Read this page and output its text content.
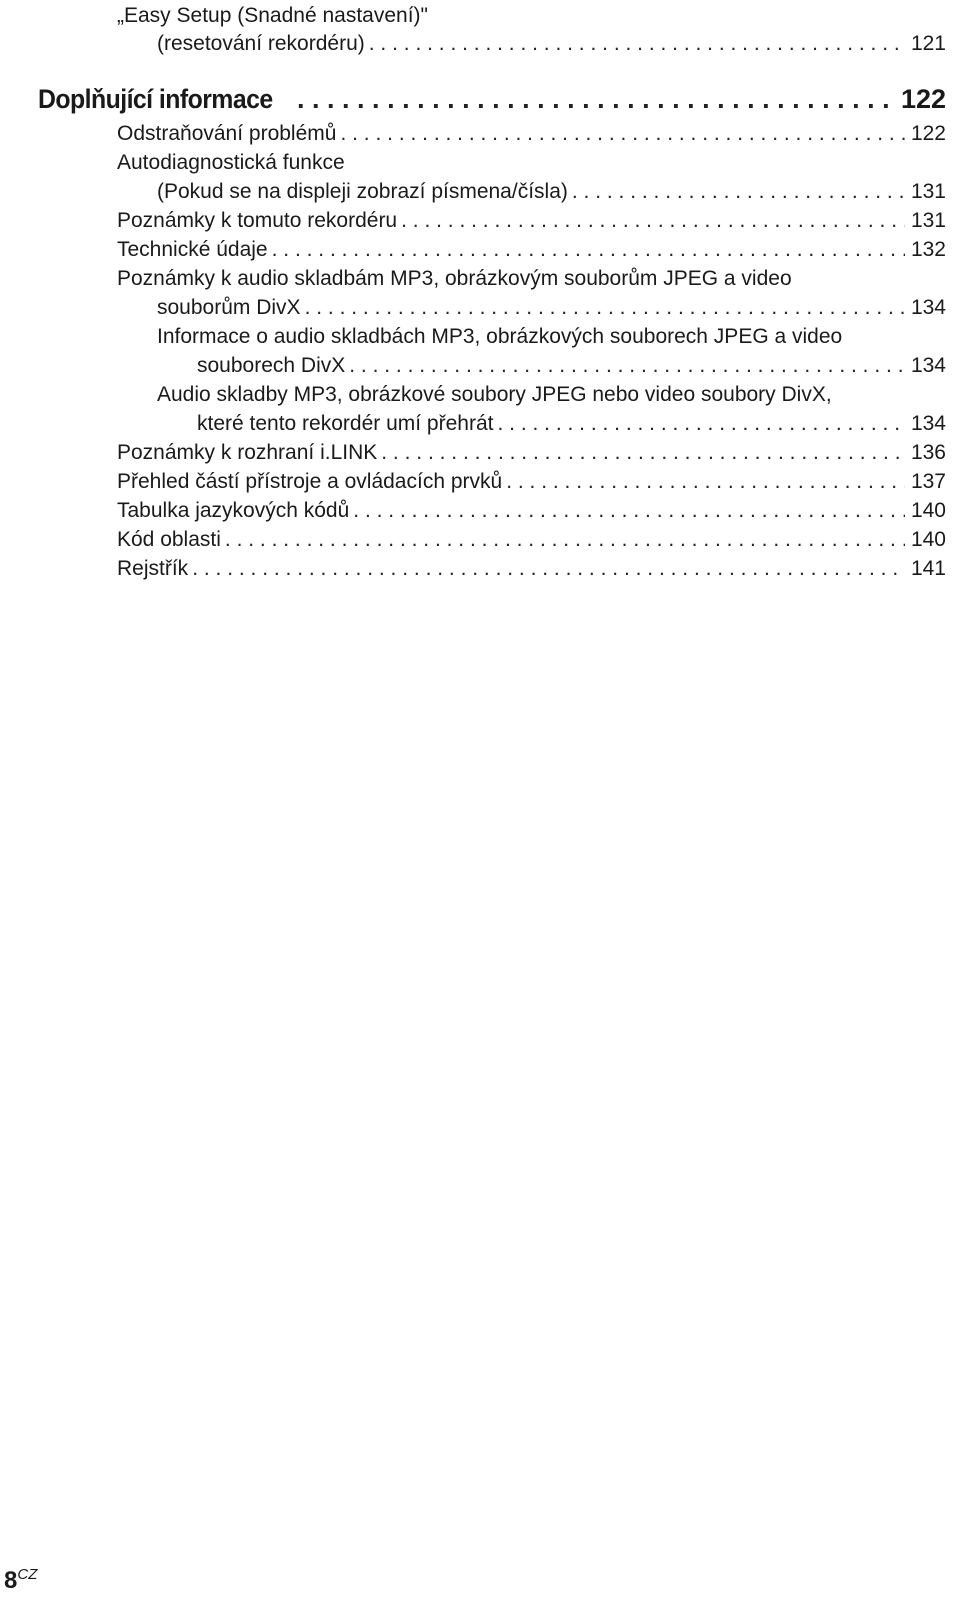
„Easy Setup (Snadné nastavení)"
(resetování rekordéru) . . .	121
Doplňující informace . . .	122
Odstraňování problémů . . .	122
Autodiagnostická funkce
(Pokud se na displeji zobrazí písmena/čísla) . . .	131
Poznámky k tomuto rekordéru . . .	131
Technické údaje . . .	132
Poznámky k audio skladbám MP3, obrázkovým souborům JPEG a video
souborům DivX . . .	134
Informace o audio skladbách MP3, obrázkových souborech JPEG a video
souborech DivX . . .	134
Audio skladby MP3, obrázkové soubory JPEG nebo video soubory DivX,
které tento rekordér umí přehrát . . .	134
Poznámky k rozhraní i.LINK . . .	136
Přehled částí přístroje a ovládacích prvků . . .	137
Tabulka jazykových kódů . . .	140
Kód oblasti . . .	140
Rejstřík . . .	141
8CZ
